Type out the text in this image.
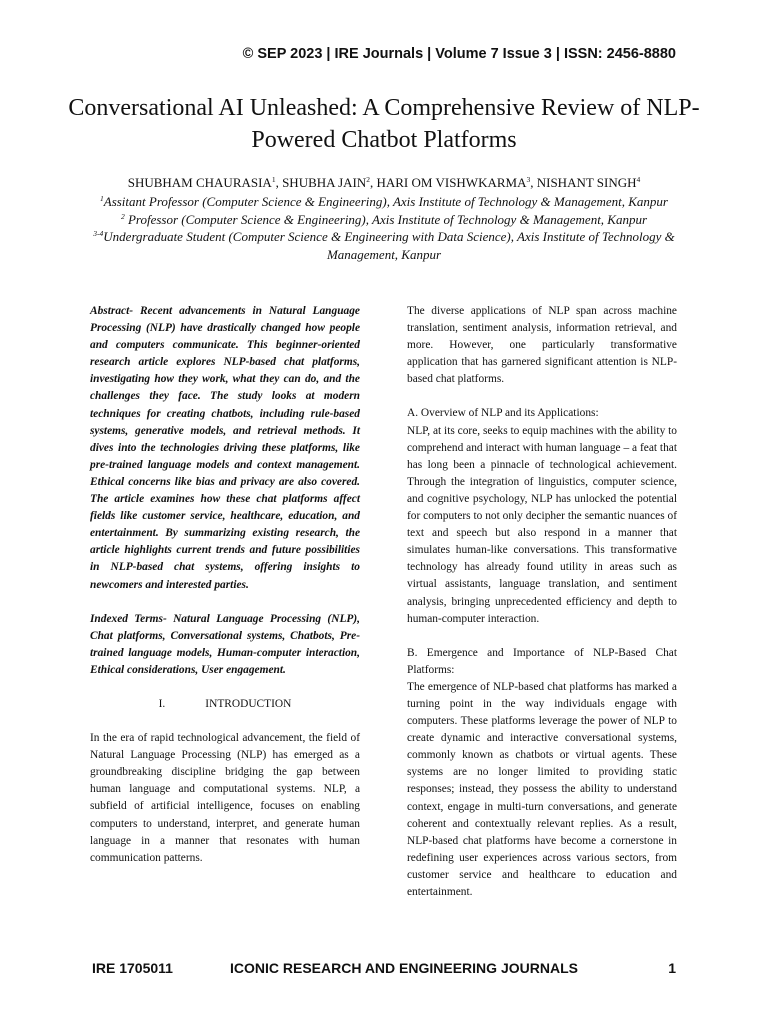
© SEP 2023 | IRE Journals | Volume 7 Issue 3 | ISSN: 2456-8880
Conversational AI Unleashed: A Comprehensive Review of NLP-Powered Chatbot Platforms
SHUBHAM CHAURASIA$^1$, SHUBHA JAIN$^2$, HARI OM VISHWKARMA$^3$, NISHANT SINGH$^4$

$^1$Assitant Professor (Computer Science & Engineering), Axis Institute of Technology & Management, Kanpur

$^2$ Professor (Computer Science & Engineering), Axis Institute of Technology & Management, Kanpur

$^{3-4}$Undergraduate Student (Computer Science & Engineering with Data Science), Axis Institute of Technology & Management, Kanpur

Abstract- Recent advancements in Natural Language Processing (NLP) have drastically changed how people and computers communicate. This beginner-oriented research article explores NLP-based chat platforms, investigating how they work, what they can do, and the challenges they face. The study looks at modern techniques for creating chatbots, including rule-based systems, generative models, and retrieval methods. It dives into the technologies driving these platforms, like pre-trained language models and context management. Ethical concerns like bias and privacy are also covered. The article examines how these chat platforms affect fields like customer service, healthcare, education, and entertainment. By summarizing existing research, the article highlights current trends and future possibilities in NLP-based chat systems, offering insights to newcomers and interested parties.

Indexed Terms- Natural Language Processing (NLP), Chat platforms, Conversational systems, Chatbots, Pre-trained language models, Human-computer interaction, Ethical considerations, User engagement.

I.	INTRODUCTION

In the era of rapid technological advancement, the field of Natural Language Processing (NLP) has emerged as a groundbreaking discipline bridging the gap between human language and computational systems. NLP, a subfield of artificial intelligence, focuses on enabling computers to understand, interpret, and generate human language in a manner that resonates with human communication patterns.

The diverse applications of NLP span across machine translation, sentiment analysis, information retrieval, and more. However, one particularly transformative application that has garnered significant attention is NLP-based chat platforms.

A. Overview of NLP and its Applications:

NLP, at its core, seeks to equip machines with the ability to comprehend and interact with human language – a feat that has long been a pinnacle of technological achievement. Through the integration of linguistics, computer science, and cognitive psychology, NLP has unlocked the potential for computers to not only decipher the semantic nuances of text and speech but also respond in a manner that simulates human-like conversations. This transformative technology has already found utility in areas such as virtual assistants, language translation, and sentiment analysis, bringing unprecedented efficiency and depth to human-computer interaction.

B. Emergence and Importance of NLP-Based Chat Platforms:

The emergence of NLP-based chat platforms has marked a turning point in the way individuals engage with computers. These platforms leverage the power of NLP to create dynamic and interactive conversational systems, commonly known as chatbots or virtual agents. These systems are no longer limited to providing static responses; instead, they possess the ability to understand context, engage in multi-turn conversations, and generate coherent and contextually relevant replies. As a result, NLP-based chat platforms have become a cornerstone in redefining user experiences across various sectors, from customer service and healthcare to education and entertainment.

IRE 1705011	ICONIC RESEARCH AND ENGINEERING JOURNALS	1
